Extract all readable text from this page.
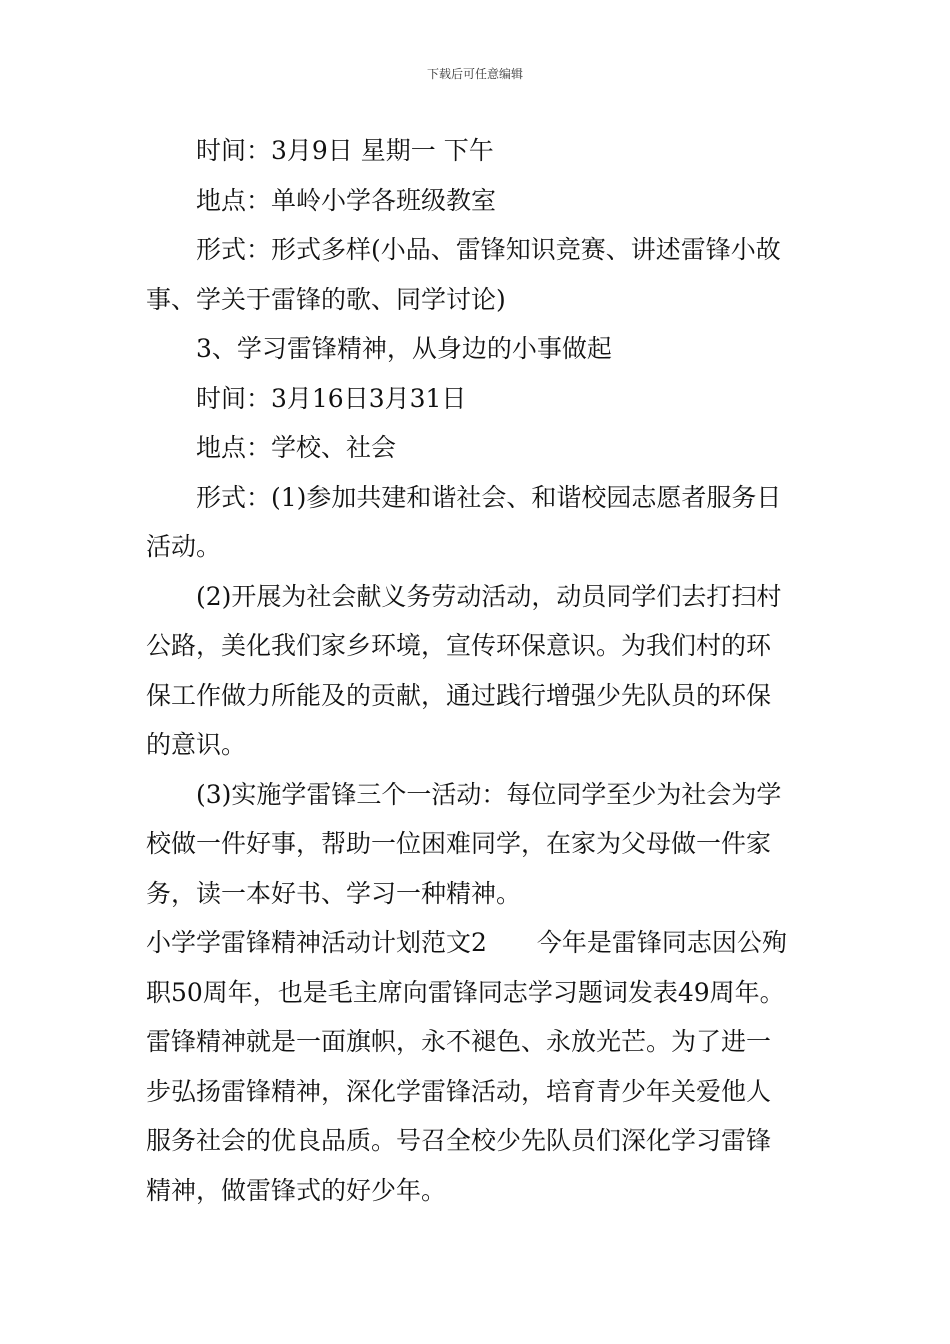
下载后可任意编辑

时间：3月9日 星期一 下午

地点：单岭小学各班级教室

形式：形式多样(小品、雷锋知识竞赛、讲述雷锋小故

事、学关于雷锋的歌、同学讨论)

3、学习雷锋精神，从身边的小事做起

时间：3月16日3月31日

地点：学校、社会

形式：(1)参加共建和谐社会、和谐校园志愿者服务日

活动。

(2)开展为社会献义务劳动活动，动员同学们去打扫村

公路，美化我们家乡环境，宣传环保意识。为我们村的环

保工作做力所能及的贡献，通过践行增强少先队员的环保

的意识。

(3)实施学雷锋三个一活动：每位同学至少为社会为学

校做一件好事，帮助一位困难同学，在家为父母做一件家

务，读一本好书、学习一种精神。

小学学雷锋精神活动计划范文2 今年是雷锋同志因公殉

职50周年，也是毛主席向雷锋同志学习题词发表49周年。

雷锋精神就是一面旗帜，永不褪色、永放光芒。为了进一

步弘扬雷锋精神，深化学雷锋活动，培育青少年关爱他人

服务社会的优良品质。号召全校少先队员们深化学习雷锋

精神，做雷锋式的好少年。
